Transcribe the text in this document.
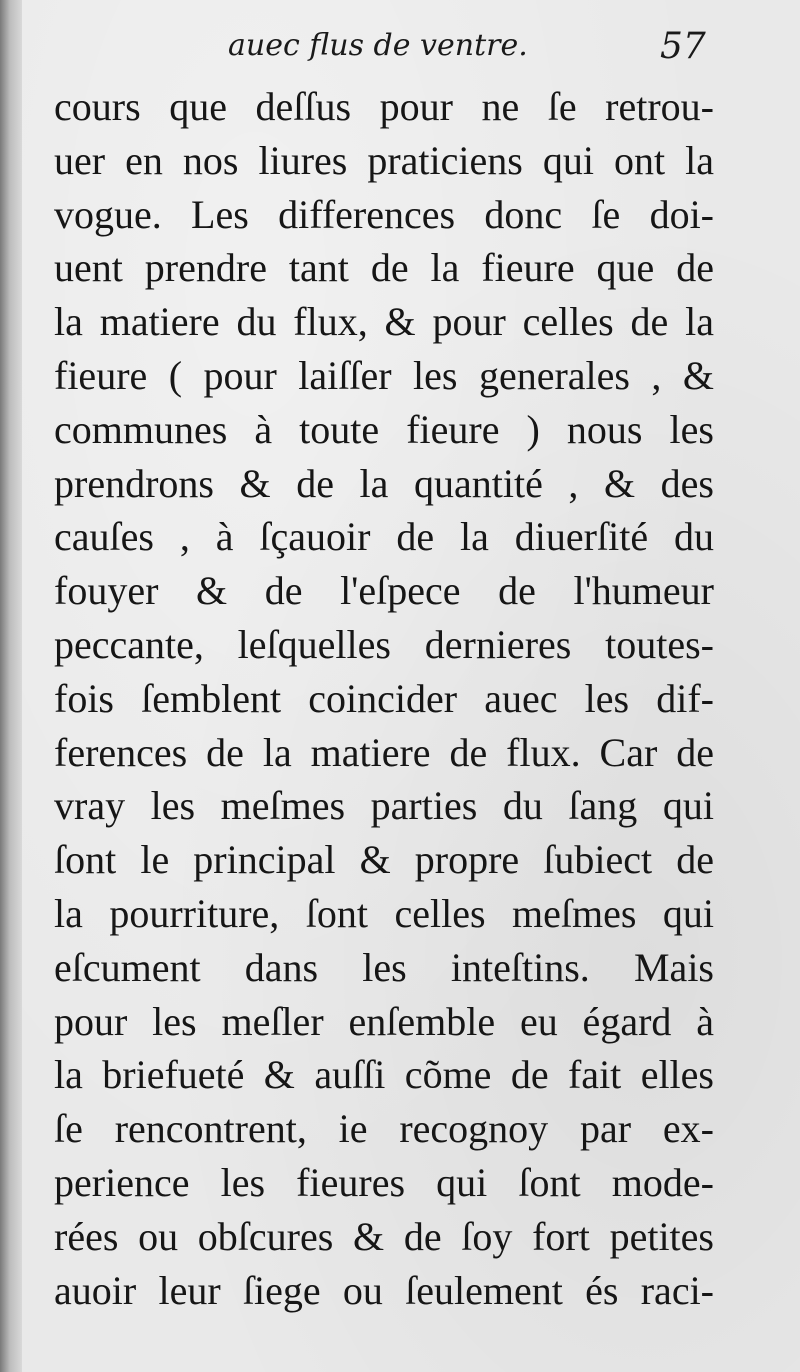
auec flus de ventre.	57
cours que deſſus pour ne ſe retrou-
uer en nos liures praticiens qui ont la
vogue. Les differences donc ſe doi-
uent prendre tant de la fieure que de
la matiere du flux, & pour celles de la
fieure ( pour laiſſer les generales , &
communes à toute fieure ) nous les
prendrons & de la quantité , & des
cauſes , à ſçauoir de la diuerſité du
fouyer & de l'eſpece de l'humeur
peccante, leſquelles dernieres toutes-
fois ſemblent coincider auec les dif-
ferences de la matiere de flux. Car de
vray les meſmes parties du ſang qui
ſont le principal & propre ſubiect de
la pourriture, ſont celles meſmes qui
eſcument dans les inteſtins. Mais
pour les meſler enſemble eu égard à
la briefueté & auſſi cõme de fait elles
ſe rencontrent, ie recognoy par ex-
perience les fieures qui ſont mode-
rées ou obſcures & de ſoy fort petites
auoir leur ſiege ou ſeulement és raci-
